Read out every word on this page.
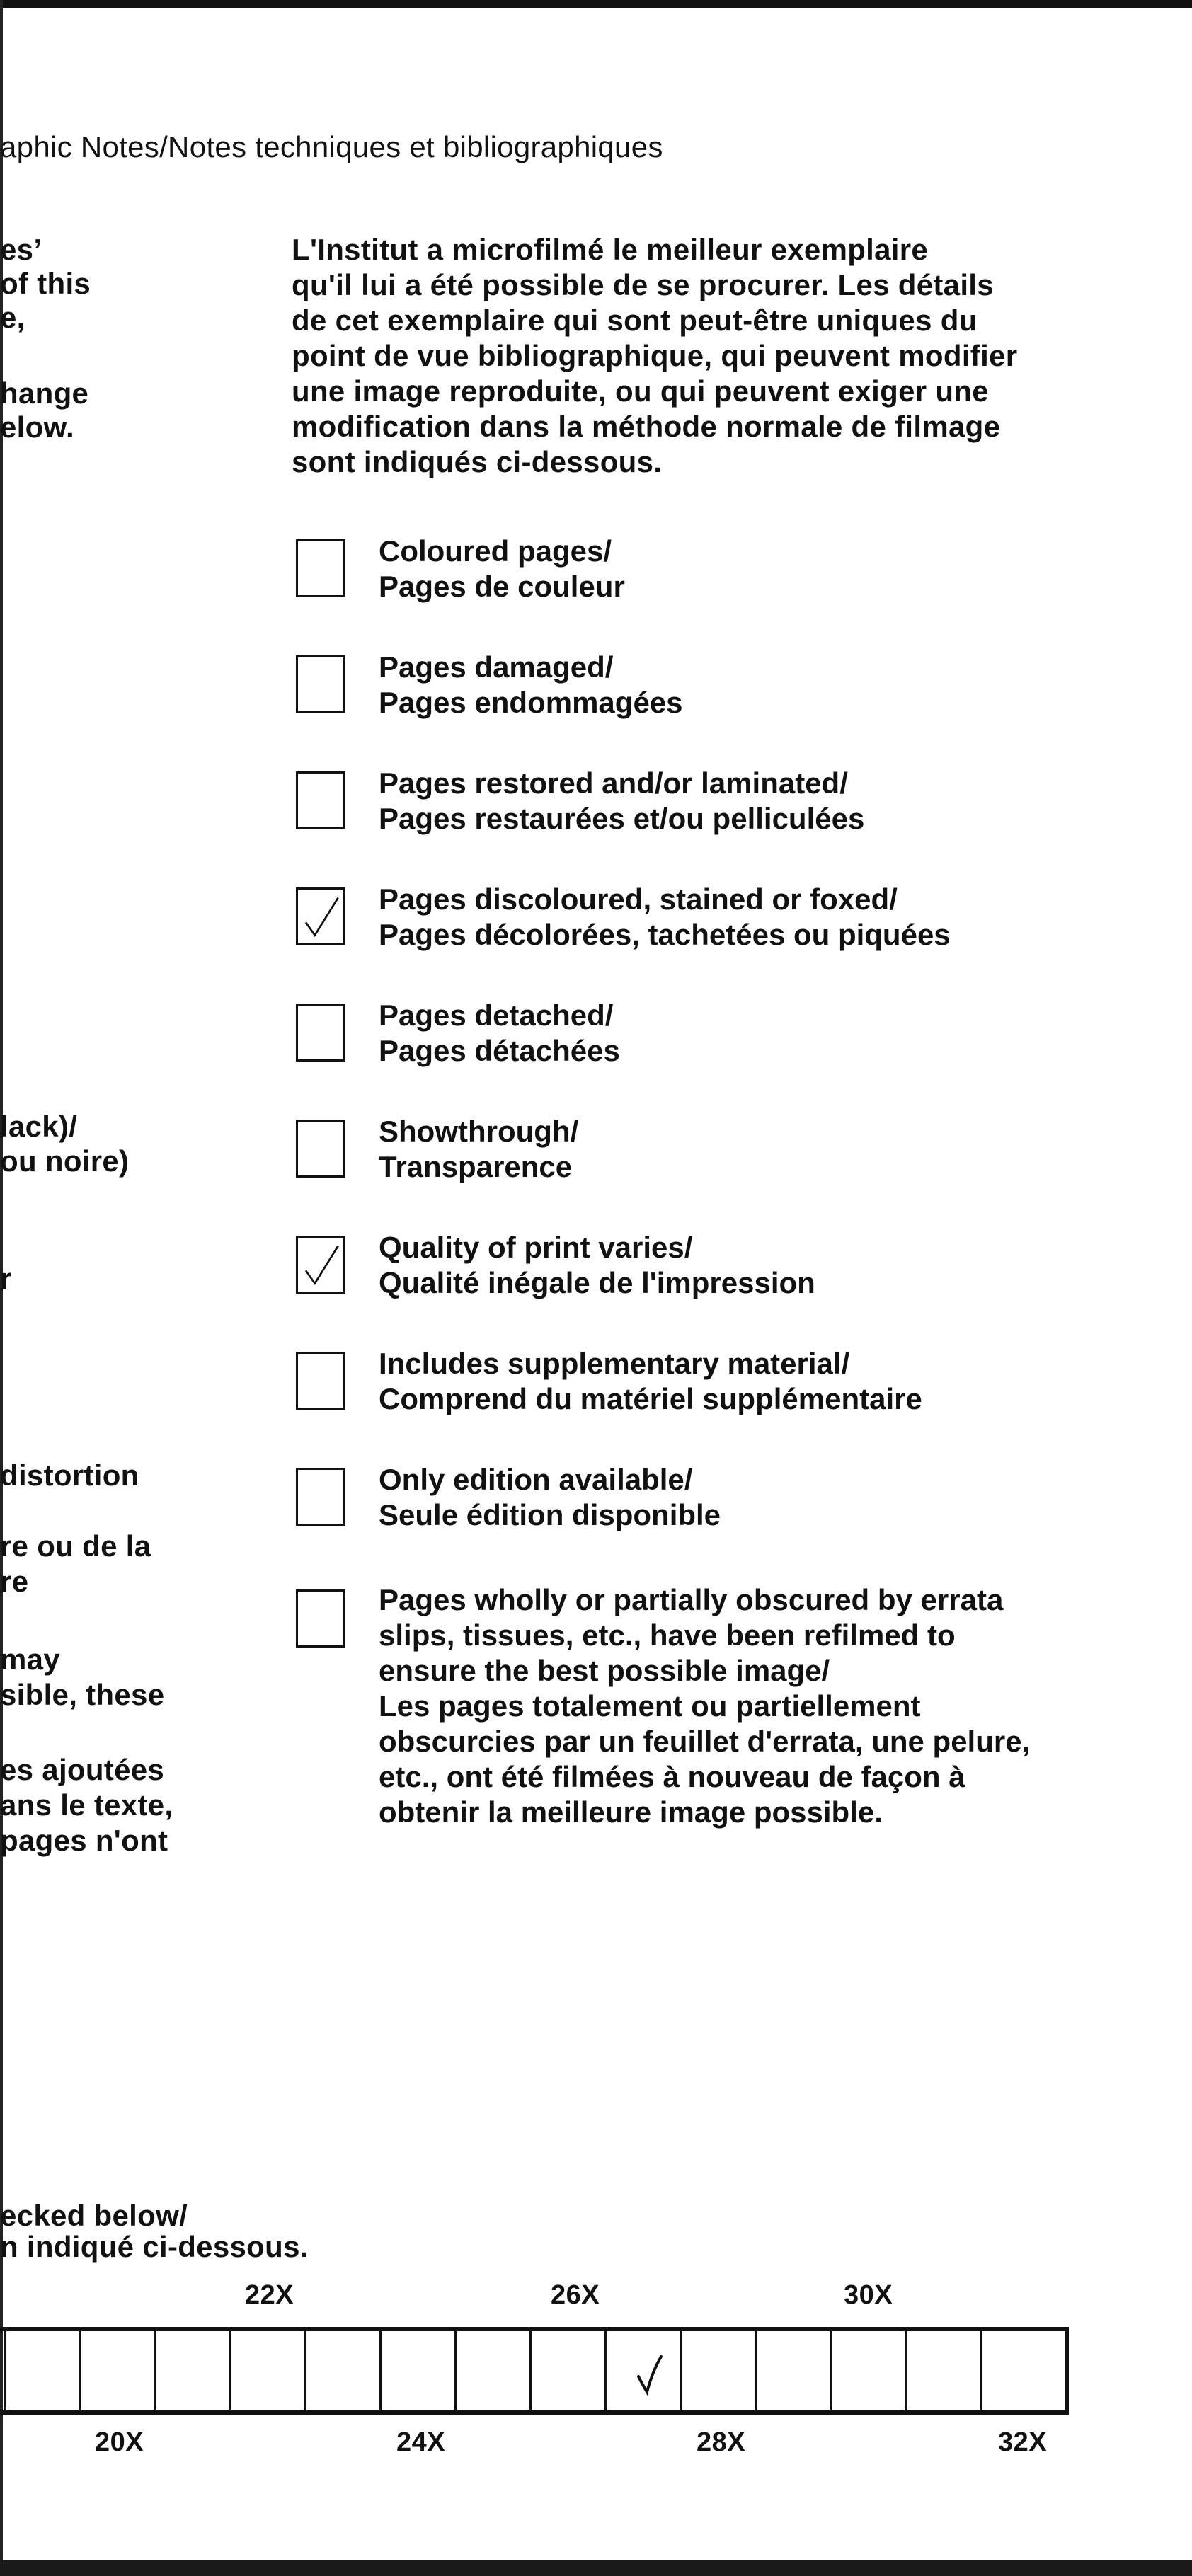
aphic Notes/Notes techniques et bibliographiques
esʼ
of this
e,
hange
elow.
lack)/
ou noire)
r
distortion
re ou de la
re
may
sible, these
es ajoutées
ans le texte,
pages n'ont
L'Institut a microfilmé le meilleur exemplaire
qu'il lui a été possible de se procurer. Les détails
de cet exemplaire qui sont peut-être uniques du
point de vue bibliographique, qui peuvent modifier
une image reproduite, ou qui peuvent exiger une
modification dans la méthode normale de filmage
sont indiqués ci-dessous.
Coloured pages/
Pages de couleur
Pages damaged/
Pages endommagées
Pages restored and/or laminated/
Pages restaurées et/ou pelliculées
Pages discoloured, stained or foxed/
Pages décolorées, tachetées ou piquées
Pages detached/
Pages détachées
Showthrough/
Transparence
Quality of print varies/
Qualité inégale de l'impression
Includes supplementary material/
Comprend du matériel supplémentaire
Only edition available/
Seule édition disponible
Pages wholly or partially obscured by errata
slips, tissues, etc., have been refilmed to
ensure the best possible image/
Les pages totalement ou partiellement
obscurcies par un feuillet d'errata, une pelure,
etc., ont été filmées à nouveau de façon à
obtenir la meilleure image possible.
ecked below/
n indiqué ci-dessous.
22X	26X	30X
20X	24X	28X	32X
